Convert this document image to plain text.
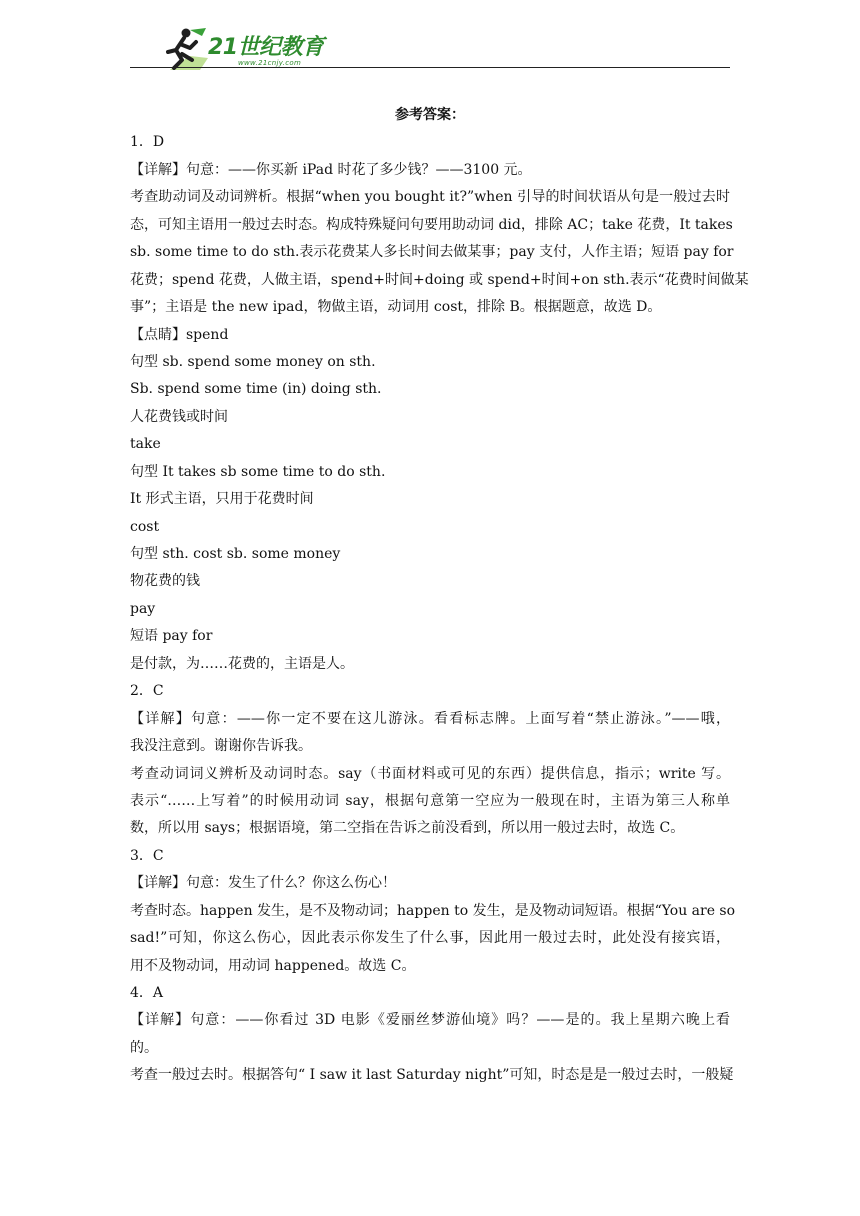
21世纪教育
www.21cnjy.com
参考答案：
1．D
【详解】句意：——你买新 iPad 时花了多少钱？——3100 元。
考查助动词及动词辨析。根据“when you bought it?”when 引导的时间状语从句是一般过去时
态，可知主语用一般过去时态。构成特殊疑问句要用助动词 did，排除 AC；take 花费，It takes
sb. some time to do sth.表示花费某人多长时间去做某事；pay 支付，人作主语；短语 pay for
花费；spend 花费，人做主语，spend+时间+doing 或 spend+时间+on sth.表示“花费时间做某
事”；主语是 the new ipad，物做主语，动词用 cost，排除 B。根据题意，故选 D。
【点睛】spend
句型 sb. spend some money on sth.
Sb. spend some time (in) doing sth.
人花费钱或时间
take
句型 It takes sb some time to do sth.
It 形式主语，只用于花费时间
cost
句型 sth. cost sb. some money
物花费的钱
pay
短语 pay for
是付款，为……花费的，主语是人。
2．C
【详解】句意：——你一定不要在这儿游泳。看看标志牌。上面写着“禁止游泳。”——哦，
我没注意到。谢谢你告诉我。
考查动词词义辨析及动词时态。say（书面材料或可见的东西）提供信息，指示；write 写。
表示“……上写着”的时候用动词 say，根据句意第一空应为一般现在时，主语为第三人称单
数，所以用 says；根据语境，第二空指在告诉之前没看到，所以用一般过去时，故选 C。
3．C
【详解】句意：发生了什么？你这么伤心！
考查时态。happen 发生，是不及物动词；happen to 发生，是及物动词短语。根据“You are so
sad!”可知，你这么伤心，因此表示你发生了什么事，因此用一般过去时，此处没有接宾语，
用不及物动词，用动词 happened。故选 C。
4．A
【详解】句意：——你看过 3D 电影《爱丽丝梦游仙境》吗？——是的。我上星期六晚上看
的。
考查一般过去时。根据答句“ I saw it last Saturday night”可知，时态是是一般过去时，一般疑
